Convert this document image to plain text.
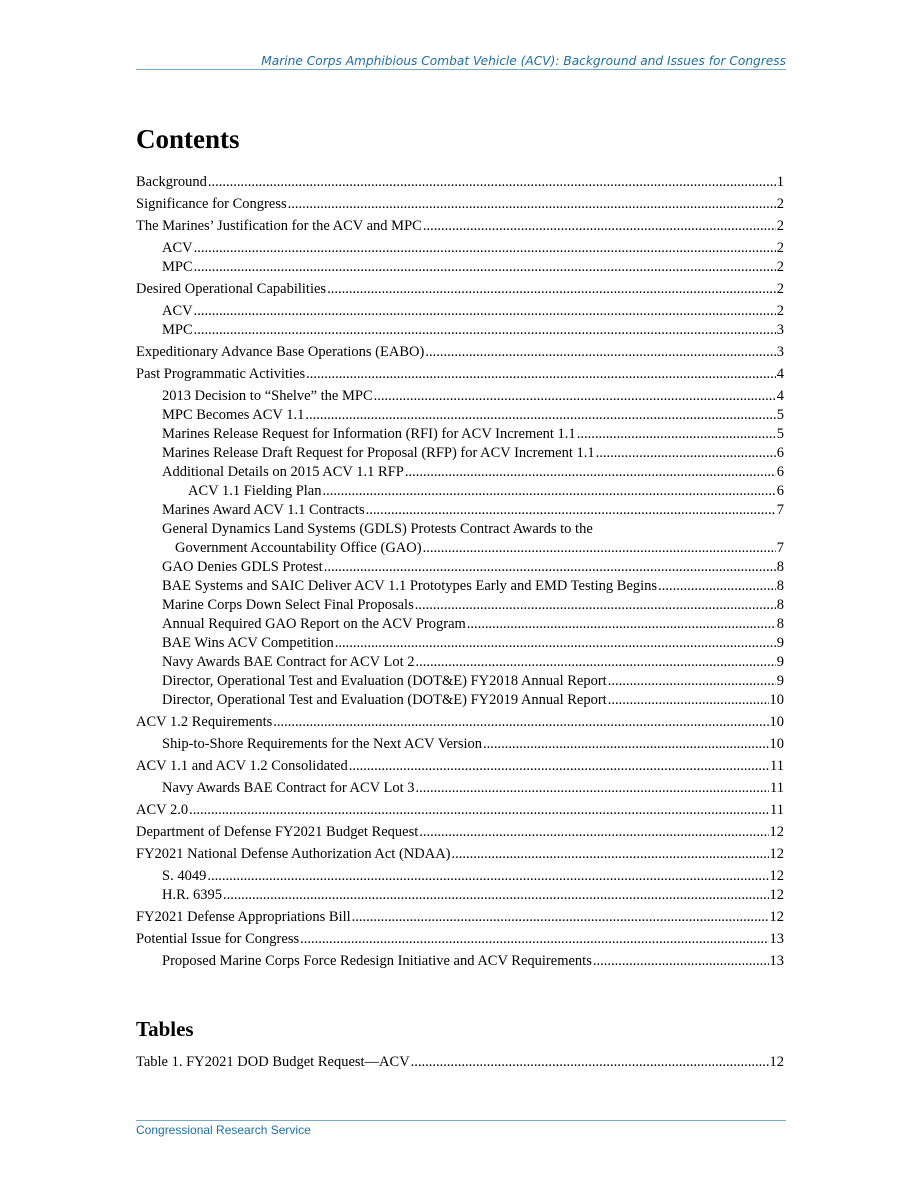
Marine Corps Amphibious Combat Vehicle (ACV): Background and Issues for Congress
Contents
Background .....	1
Significance for Congress .....	2
The Marines’ Justification for the ACV and MPC .....	2
ACV .....	2
MPC .....	2
Desired Operational Capabilities .....	2
ACV .....	2
MPC .....	3
Expeditionary Advance Base Operations (EABO) .....	3
Past Programmatic Activities .....	4
2013 Decision to “Shelve” the MPC .....	4
MPC Becomes ACV 1.1 .....	5
Marines Release Request for Information (RFI) for ACV Increment 1.1 .....	5
Marines Release Draft Request for Proposal (RFP) for ACV Increment 1.1 .....	6
Additional Details on 2015 ACV 1.1 RFP .....	6
ACV 1.1 Fielding Plan .....	6
Marines Award ACV 1.1 Contracts .....	7
General Dynamics Land Systems (GDLS) Protests Contract Awards to the
Government Accountability Office (GAO) .....	7
GAO Denies GDLS Protest .....	8
BAE Systems and SAIC Deliver ACV 1.1 Prototypes Early and EMD Testing Begins .....	8
Marine Corps Down Select Final Proposals .....	8
Annual Required GAO Report on the ACV Program .....	8
BAE Wins ACV Competition .....	9
Navy Awards BAE Contract for ACV Lot 2 .....	9
Director, Operational Test and Evaluation (DOT&E) FY2018 Annual Report .....	9
Director, Operational Test and Evaluation (DOT&E) FY2019 Annual Report .....	10
ACV 1.2 Requirements .....	10
Ship-to-Shore Requirements for the Next ACV Version .....	10
ACV 1.1 and ACV 1.2 Consolidated .....	11
Navy Awards BAE Contract for ACV Lot 3 .....	11
ACV 2.0 .....	11
Department of Defense FY2021 Budget Request .....	12
FY2021 National Defense Authorization Act (NDAA) .....	12
S. 4049 .....	12
H.R. 6395 .....	12
FY2021 Defense Appropriations Bill .....	12
Potential Issue for Congress .....	13
Proposed Marine Corps Force Redesign Initiative and ACV Requirements .....	13
Tables
Table 1. FY2021 DOD Budget Request—ACV .....	12
Congressional Research Service
